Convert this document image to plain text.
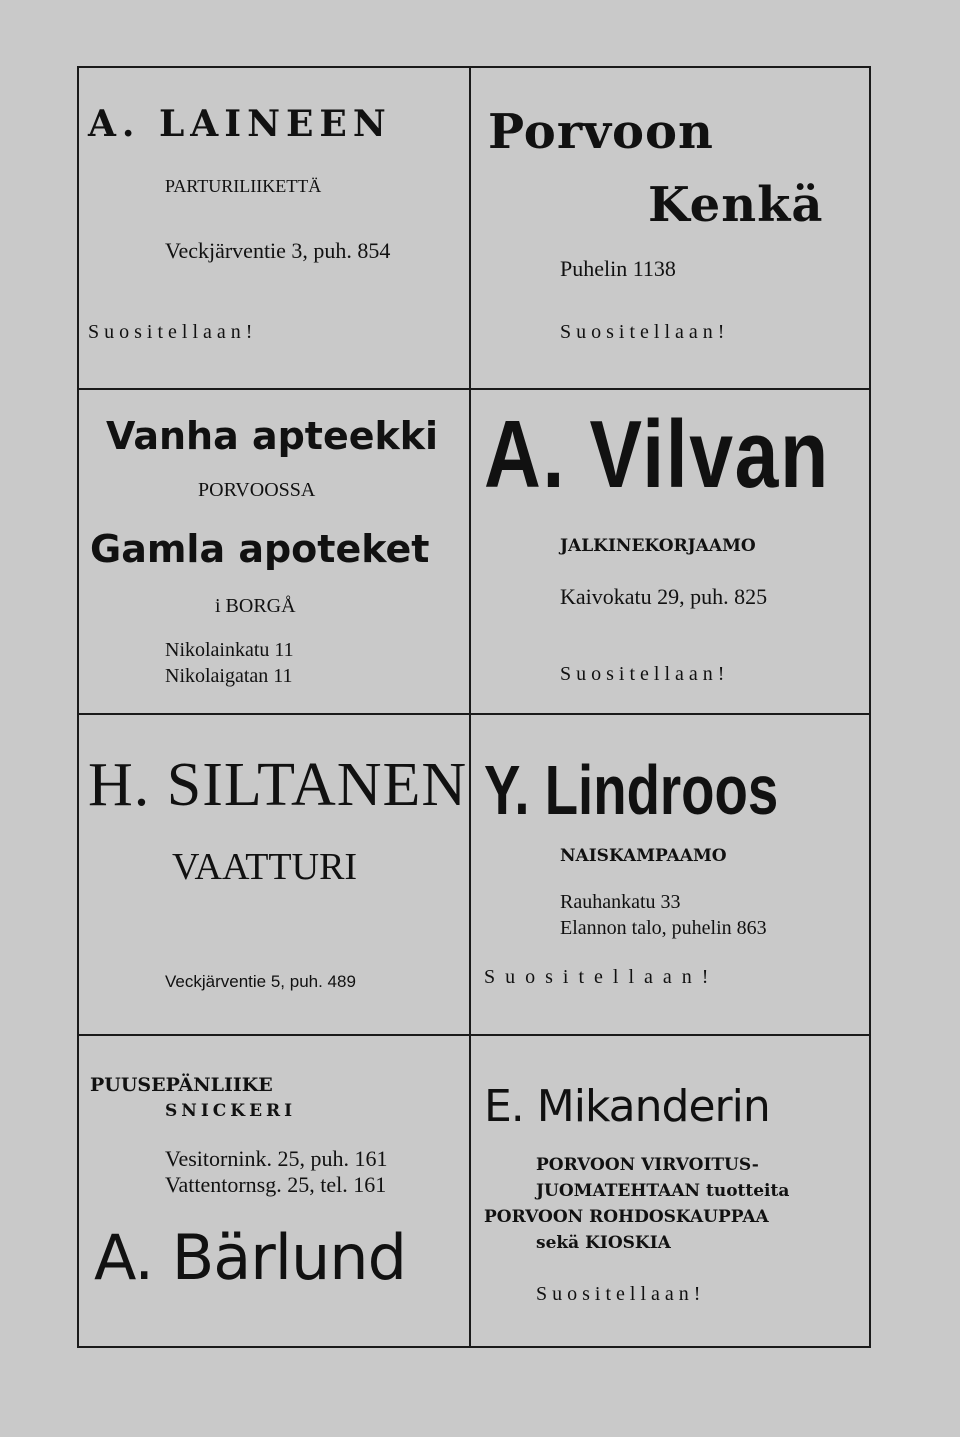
A. LAINEEN
PARTURILIIKETTÄ
Veckjärventie 3, puh. 854
Suositellaan!
Porvoon
Kenkä
Puhelin 1138
Suositellaan!
Vanha apteekki
PORVOOSSA
Gamla apoteket
i BORGÅ
Nikolainkatu 11
Nikolaigatan 11
A. Vilvan
JALKINEKORJAAMO
Kaivokatu 29, puh. 825
Suositellaan!
H. SILTANEN
VAATTURI
Veckjärventie 5, puh. 489
Y. Lindroos
NAISKAMPAAMO
Rauhankatu 33
Elannon talo, puhelin 863
Suositellaan!
PUUSEPÄNLIIKE
SNICKERI
Vesitornink. 25, puh. 161
Vattentornsg. 25, tel. 161
A. Bärlund
E. Mikanderin
PORVOON VIRVOITUS-
JUOMATEHTAAN tuotteita
PORVOON ROHDOSKAUPPAA
sekä KIOSKIA
Suositellaan!
